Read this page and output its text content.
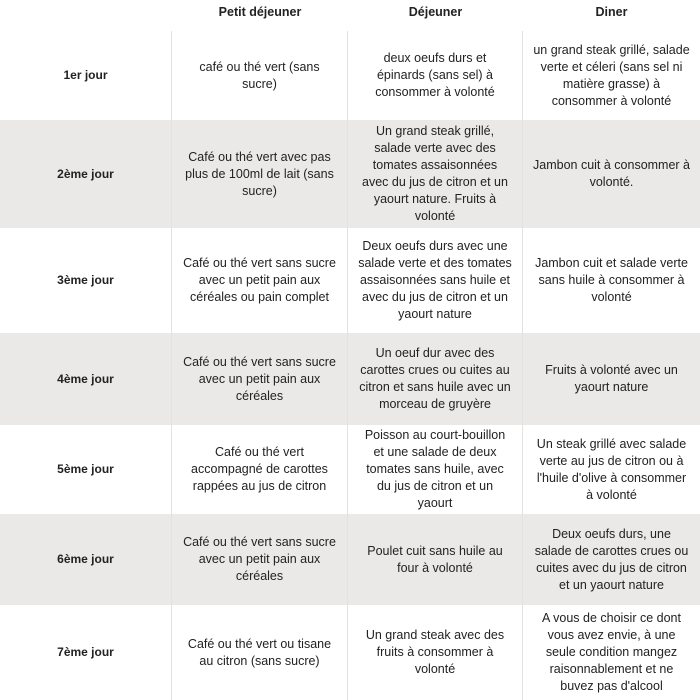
Petit déjeuner	Déjeuner	Diner
1er jour
café ou thé vert (sans sucre)
deux oeufs durs et épinards (sans sel) à consommer à volonté
un grand steak grillé, salade verte et céleri (sans sel ni matière grasse) à consommer à volonté
2ème jour
Café ou thé vert avec pas plus de 100ml de lait (sans sucre)
Un grand steak grillé, salade verte avec des tomates assaisonnées avec du jus de citron et un yaourt nature. Fruits à volonté
Jambon cuit à consommer à volonté.
3ème jour
Café ou thé vert sans sucre avec un petit pain aux céréales ou pain complet
Deux oeufs durs avec une salade verte et des tomates assaisonnées sans huile et avec du jus de citron et un yaourt nature
Jambon cuit et salade verte sans huile à consommer à volonté
4ème jour
Café ou thé vert sans sucre avec un petit pain aux céréales
Un oeuf dur avec des carottes crues ou cuites au citron et sans huile avec un morceau de gruyère
Fruits à volonté avec un yaourt nature
5ème jour
Café ou thé vert accompagné de carottes rappées au jus de citron
Poisson au court-bouillon et une salade de deux tomates sans huile, avec du jus de citron et un yaourt
Un steak grillé avec salade verte au jus de citron ou à l'huile d'olive à consommer à volonté
6ème jour
Café ou thé vert sans sucre avec un petit pain aux céréales
Poulet cuit sans huile au four à volonté
Deux oeufs durs, une salade de carottes crues ou cuites avec du jus de citron et un yaourt nature
7ème jour
Café ou thé vert ou tisane au citron (sans sucre)
Un grand steak avec des fruits à consommer à volonté
A vous de choisir ce dont vous avez envie, à une seule condition mangez raisonnablement et ne buvez pas d'alcool
